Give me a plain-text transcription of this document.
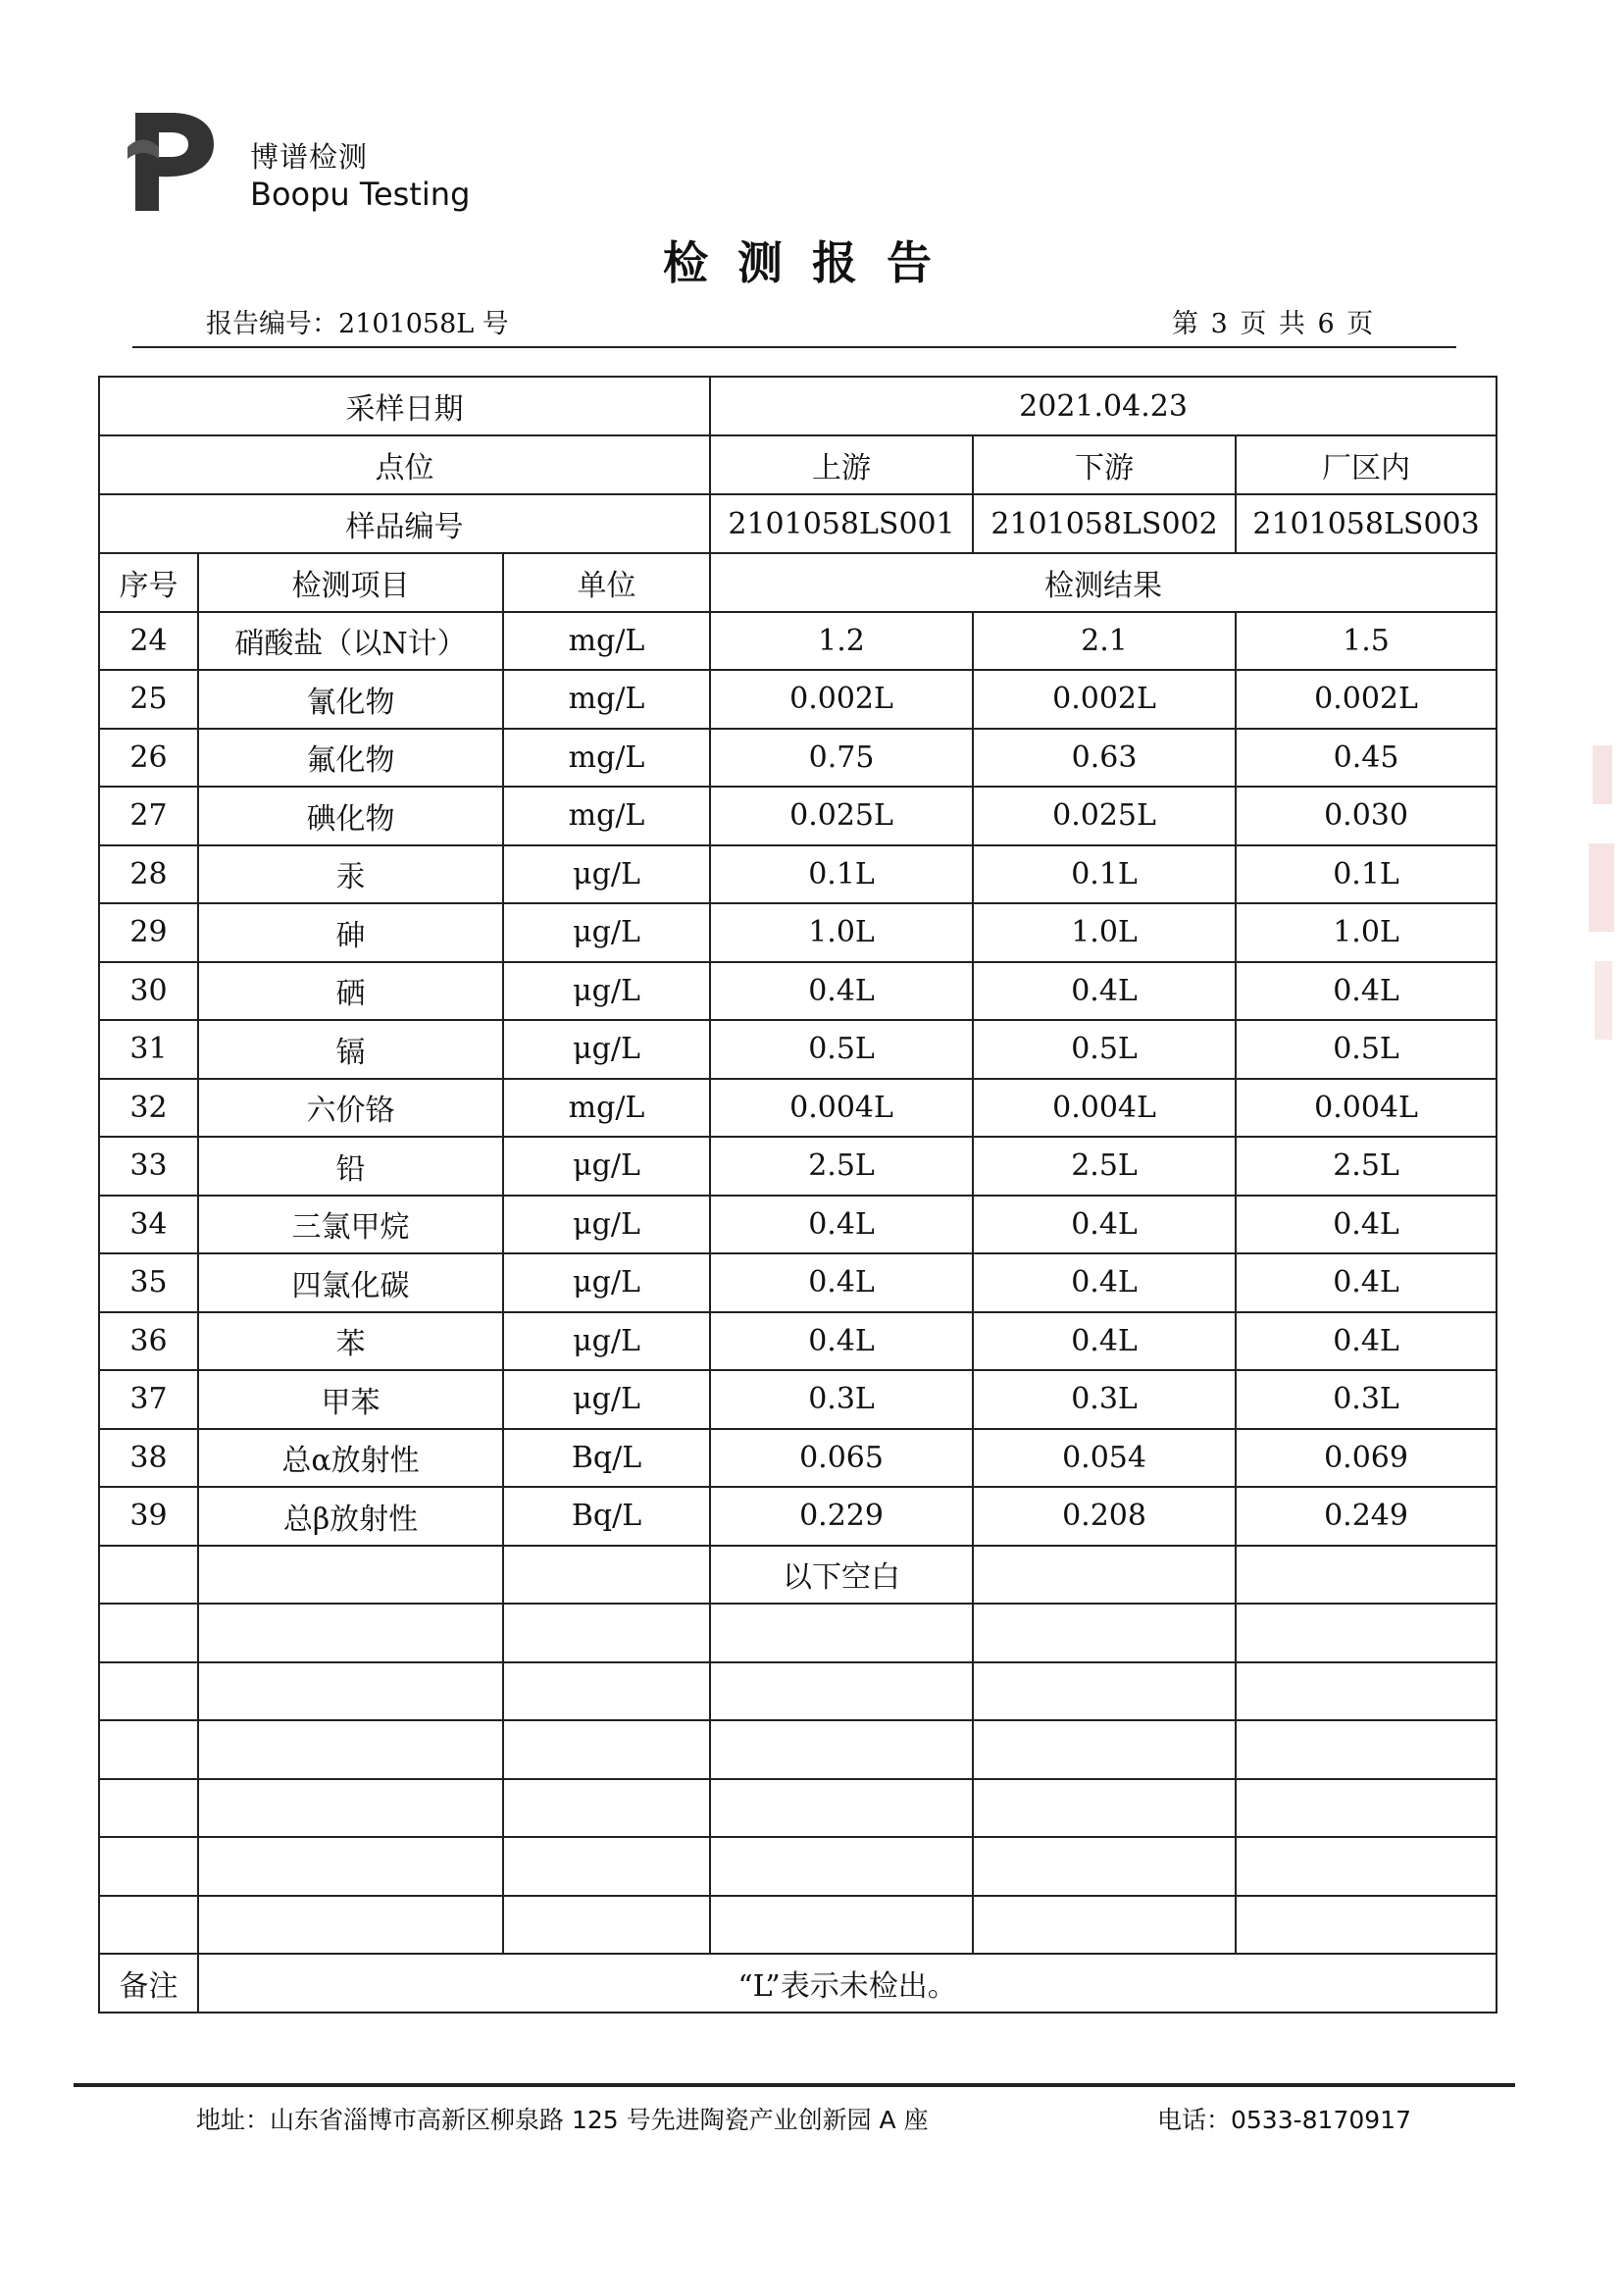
博谱检测
Boopu Testing
检测报告
报告编号：2101058L 号	第 3 页 共 6 页
采样日期			2021.04.23		
点位			上游	下游	厂区内
样品编号			2101058LS001	2101058LS002	2101058LS003
序号	检测项目	单位	检测结果		
24	硝酸盐（以N计）	mg/L	1.2	2.1	1.5
25	氰化物	mg/L	0.002L	0.002L	0.002L
26	氟化物	mg/L	0.75	0.63	0.45
27	碘化物	mg/L	0.025L	0.025L	0.030
28	汞	μg/L	0.1L	0.1L	0.1L
29	砷	μg/L	1.0L	1.0L	1.0L
30	硒	μg/L	0.4L	0.4L	0.4L
31	镉	μg/L	0.5L	0.5L	0.5L
32	六价铬	mg/L	0.004L	0.004L	0.004L
33	铅	μg/L	2.5L	2.5L	2.5L
34	三氯甲烷	μg/L	0.4L	0.4L	0.4L
35	四氯化碳	μg/L	0.4L	0.4L	0.4L
36	苯	μg/L	0.4L	0.4L	0.4L
37	甲苯	μg/L	0.3L	0.3L	0.3L
38	总α放射性	Bq/L	0.065	0.054	0.069
39	总β放射性	Bq/L	0.229	0.208	0.249
			以下空白		

备注	“L”表示未检出。				
地址：山东省淄博市高新区柳泉路 125 号先进陶瓷产业创新园 A 座	电话：0533-8170917
